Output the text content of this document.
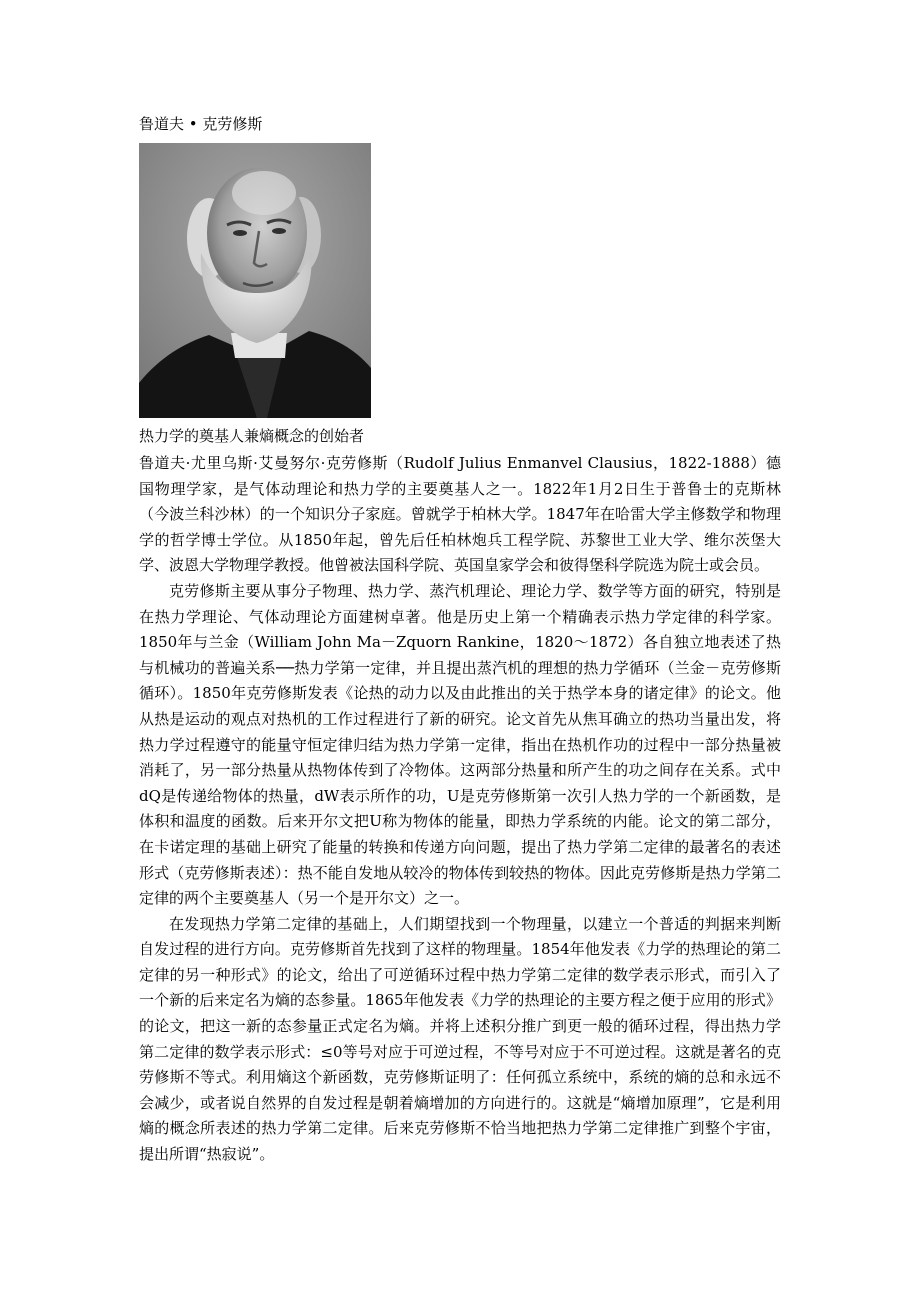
鲁道夫 • 克劳修斯
热力学的奠基人兼熵概念的创始者

鲁道夫·尤里乌斯·艾曼努尔·克劳修斯（Rudolf Julius Enmanvel Clausius，1822-1888）德国物理学家，是气体动理论和热力学的主要奠基人之一。1822年1月2日生于普鲁士的克斯林（今波兰科沙林）的一个知识分子家庭。曾就学于柏林大学。1847年在哈雷大学主修数学和物理学的哲学博士学位。从1850年起，曾先后任柏林炮兵工程学院、苏黎世工业大学、维尔茨堡大学、波恩大学物理学教授。他曾被法国科学院、英国皇家学会和彼得堡科学院选为院士或会员。

克劳修斯主要从事分子物理、热力学、蒸汽机理论、理论力学、数学等方面的研究，特别是在热力学理论、气体动理论方面建树卓著。他是历史上第一个精确表示热力学定律的科学家。1850年与兰金（William John Ma－Zquorn Rankine，1820～1872）各自独立地表述了热与机械功的普遍关系──热力学第一定律，并且提出蒸汽机的理想的热力学循环（兰金－克劳修斯循环）。1850年克劳修斯发表《论热的动力以及由此推出的关于热学本身的诸定律》的论文。他从热是运动的观点对热机的工作过程进行了新的研究。论文首先从焦耳确立的热功当量出发，将热力学过程遵守的能量守恒定律归结为热力学第一定律，指出在热机作功的过程中一部分热量被消耗了，另一部分热量从热物体传到了冷物体。这两部分热量和所产生的功之间存在关系。式中dQ是传递给物体的热量，dW表示所作的功，U是克劳修斯第一次引人热力学的一个新函数，是体积和温度的函数。后来开尔文把U称为物体的能量，即热力学系统的内能。论文的第二部分，在卡诺定理的基础上研究了能量的转换和传递方向问题，提出了热力学第二定律的最著名的表述形式（克劳修斯表述）：热不能自发地从较冷的物体传到较热的物体。因此克劳修斯是热力学第二定律的两个主要奠基人（另一个是开尔文）之一。

在发现热力学第二定律的基础上，人们期望找到一个物理量，以建立一个普适的判据来判断自发过程的进行方向。克劳修斯首先找到了这样的物理量。1854年他发表《力学的热理论的第二定律的另一种形式》的论文，给出了可逆循环过程中热力学第二定律的数学表示形式，而引入了一个新的后来定名为熵的态参量。1865年他发表《力学的热理论的主要方程之便于应用的形式》的论文，把这一新的态参量正式定名为熵。并将上述积分推广到更一般的循环过程，得出热力学第二定律的数学表示形式：≤0等号对应于可逆过程，不等号对应于不可逆过程。这就是著名的克劳修斯不等式。利用熵这个新函数，克劳修斯证明了：任何孤立系统中，系统的熵的总和永远不会减少，或者说自然界的自发过程是朝着熵增加的方向进行的。这就是“熵增加原理”，它是利用熵的概念所表述的热力学第二定律。后来克劳修斯不恰当地把热力学第二定律推广到整个宇宙，提出所谓“热寂说”。
